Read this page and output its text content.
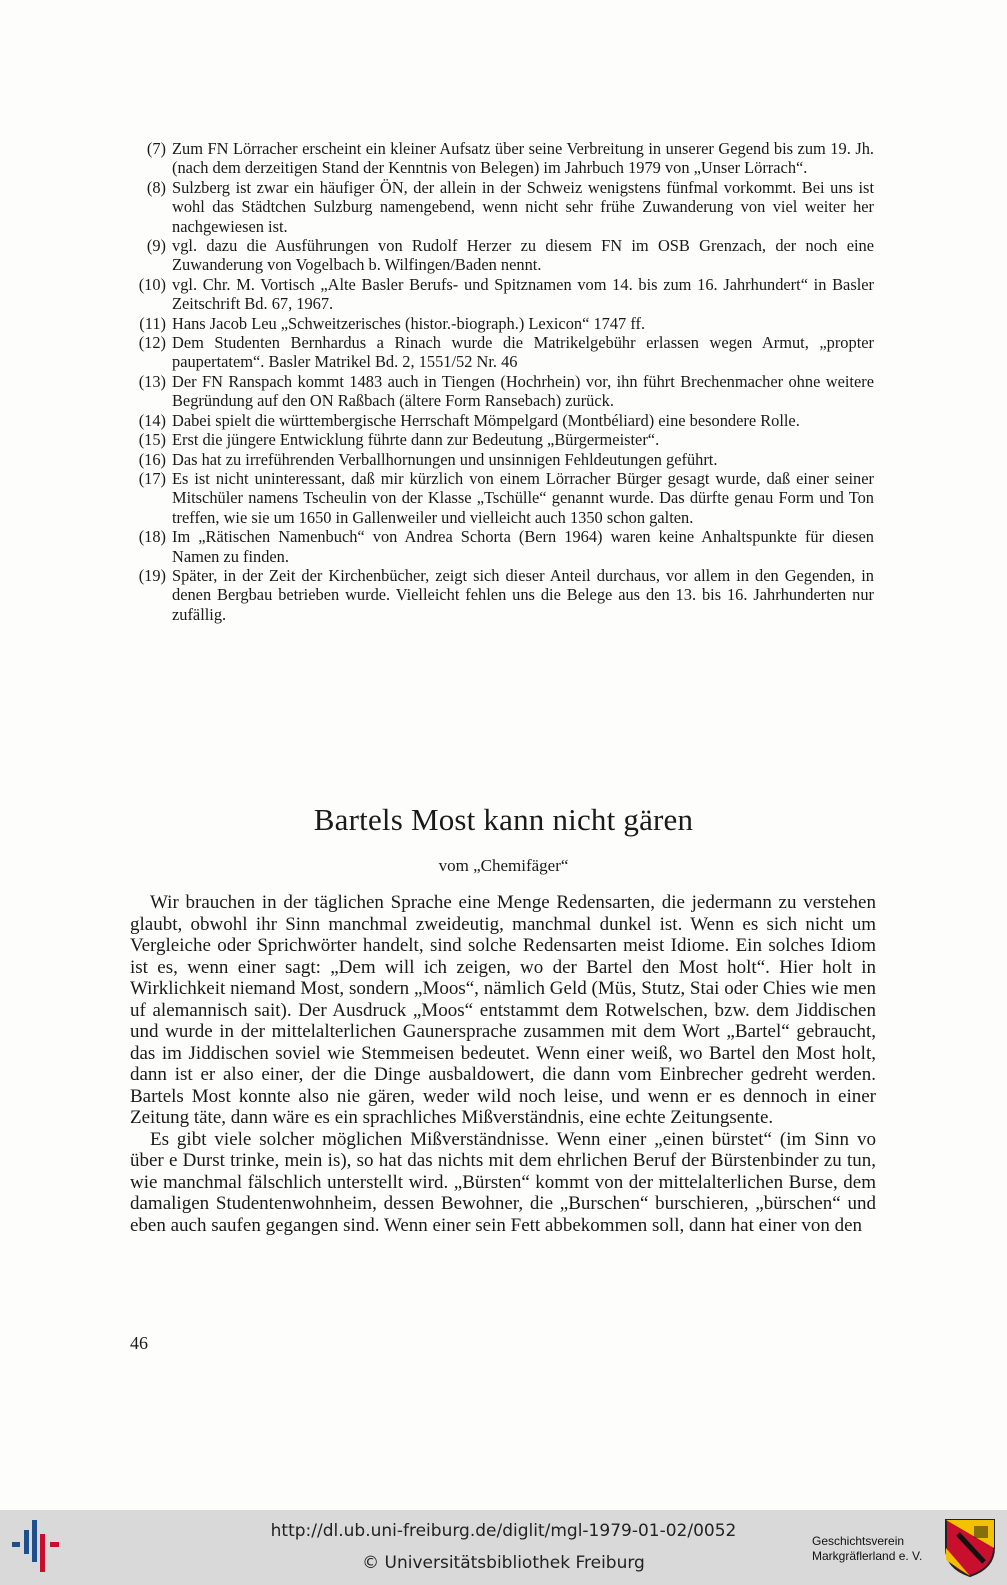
(7) Zum FN Lörracher erscheint ein kleiner Aufsatz über seine Verbreitung in unserer Gegend bis zum 19. Jh. (nach dem derzeitigen Stand der Kenntnis von Belegen) im Jahrbuch 1979 von „Unser Lörrach“.
(8) Sulzberg ist zwar ein häufiger ÖN, der allein in der Schweiz wenigstens fünfmal vorkommt. Bei uns ist wohl das Städtchen Sulzburg namengebend, wenn nicht sehr frühe Zuwanderung von viel weiter her nachgewiesen ist.
(9) vgl. dazu die Ausführungen von Rudolf Herzer zu diesem FN im OSB Grenzach, der noch eine Zuwanderung von Vogelbach b. Wilfingen/Baden nennt.
(10) vgl. Chr. M. Vortisch „Alte Basler Berufs- und Spitznamen vom 14. bis zum 16. Jahrhundert“ in Basler Zeitschrift Bd. 67, 1967.
(11) Hans Jacob Leu „Schweitzerisches (histor.-biograph.) Lexicon“ 1747 ff.
(12) Dem Studenten Bernhardus a Rinach wurde die Matrikelgebühr erlassen wegen Armut, „propter paupertatem“. Basler Matrikel Bd. 2, 1551/52 Nr. 46
(13) Der FN Ranspach kommt 1483 auch in Tiengen (Hochrhein) vor, ihn führt Brechenmacher ohne weitere Begründung auf den ON Raßbach (ältere Form Ransebach) zurück.
(14) Dabei spielt die württembergische Herrschaft Mömpelgard (Montbéliard) eine besondere Rolle.
(15) Erst die jüngere Entwicklung führte dann zur Bedeutung „Bürgermeister“.
(16) Das hat zu irreführenden Verballhornungen und unsinnigen Fehldeutungen geführt.
(17) Es ist nicht uninteressant, daß mir kürzlich von einem Lörracher Bürger gesagt wurde, daß einer seiner Mitschüler namens Tscheulin von der Klasse „Tschülle“ genannt wurde. Das dürfte genau Form und Ton treffen, wie sie um 1650 in Gallenweiler und vielleicht auch 1350 schon galten.
(18) Im „Rätischen Namenbuch“ von Andrea Schorta (Bern 1964) waren keine Anhaltspunkte für diesen Namen zu finden.
(19) Später, in der Zeit der Kirchenbücher, zeigt sich dieser Anteil durchaus, vor allem in den Gegenden, in denen Bergbau betrieben wurde. Vielleicht fehlen uns die Belege aus den 13. bis 16. Jahrhunderten nur zufällig.
Bartels Most kann nicht gären
vom „Chemifäger“

Wir brauchen in der täglichen Sprache eine Menge Redensarten, die jedermann zu verstehen glaubt, obwohl ihr Sinn manchmal zweideutig, manchmal dunkel ist. Wenn es sich nicht um Vergleiche oder Sprichwörter handelt, sind solche Redensarten meist Idiome. Ein solches Idiom ist es, wenn einer sagt: „Dem will ich zeigen, wo der Bartel den Most holt“. Hier holt in Wirklichkeit niemand Most, sondern „Moos“, nämlich Geld (Müs, Stutz, Stai oder Chies wie men uf alemannisch sait). Der Ausdruck „Moos“ entstammt dem Rotwelschen, bzw. dem Jiddischen und wurde in der mittelalterlichen Gaunersprache zusammen mit dem Wort „Bartel“ gebraucht, das im Jiddischen soviel wie Stemmeisen bedeutet. Wenn einer weiß, wo Bartel den Most holt, dann ist er also einer, der die Dinge ausbaldowert, die dann vom Einbrecher gedreht werden. Bartels Most konnte also nie gären, weder wild noch leise, und wenn er es dennoch in einer Zeitung täte, dann wäre es ein sprachliches Mißverständnis, eine echte Zeitungsente.

Es gibt viele solcher möglichen Mißverständnisse. Wenn einer „einen bürstet“ (im Sinn vo über e Durst trinke, mein is), so hat das nichts mit dem ehrlichen Beruf der Bürstenbinder zu tun, wie manchmal fälschlich unterstellt wird. „Bürsten“ kommt von der mittelalterlichen Burse, dem damaligen Studentenwohnheim, dessen Bewohner, die „Burschen“ burschieren, „bürschen“ und eben auch saufen gegangen sind. Wenn einer sein Fett abbekommen soll, dann hat einer von den

46
http://dl.ub.uni-freiburg.de/diglit/mgl-1979-01-02/0052
© Universitätsbibliothek Freiburg
Geschichtsverein
Markgräflerland e. V.
